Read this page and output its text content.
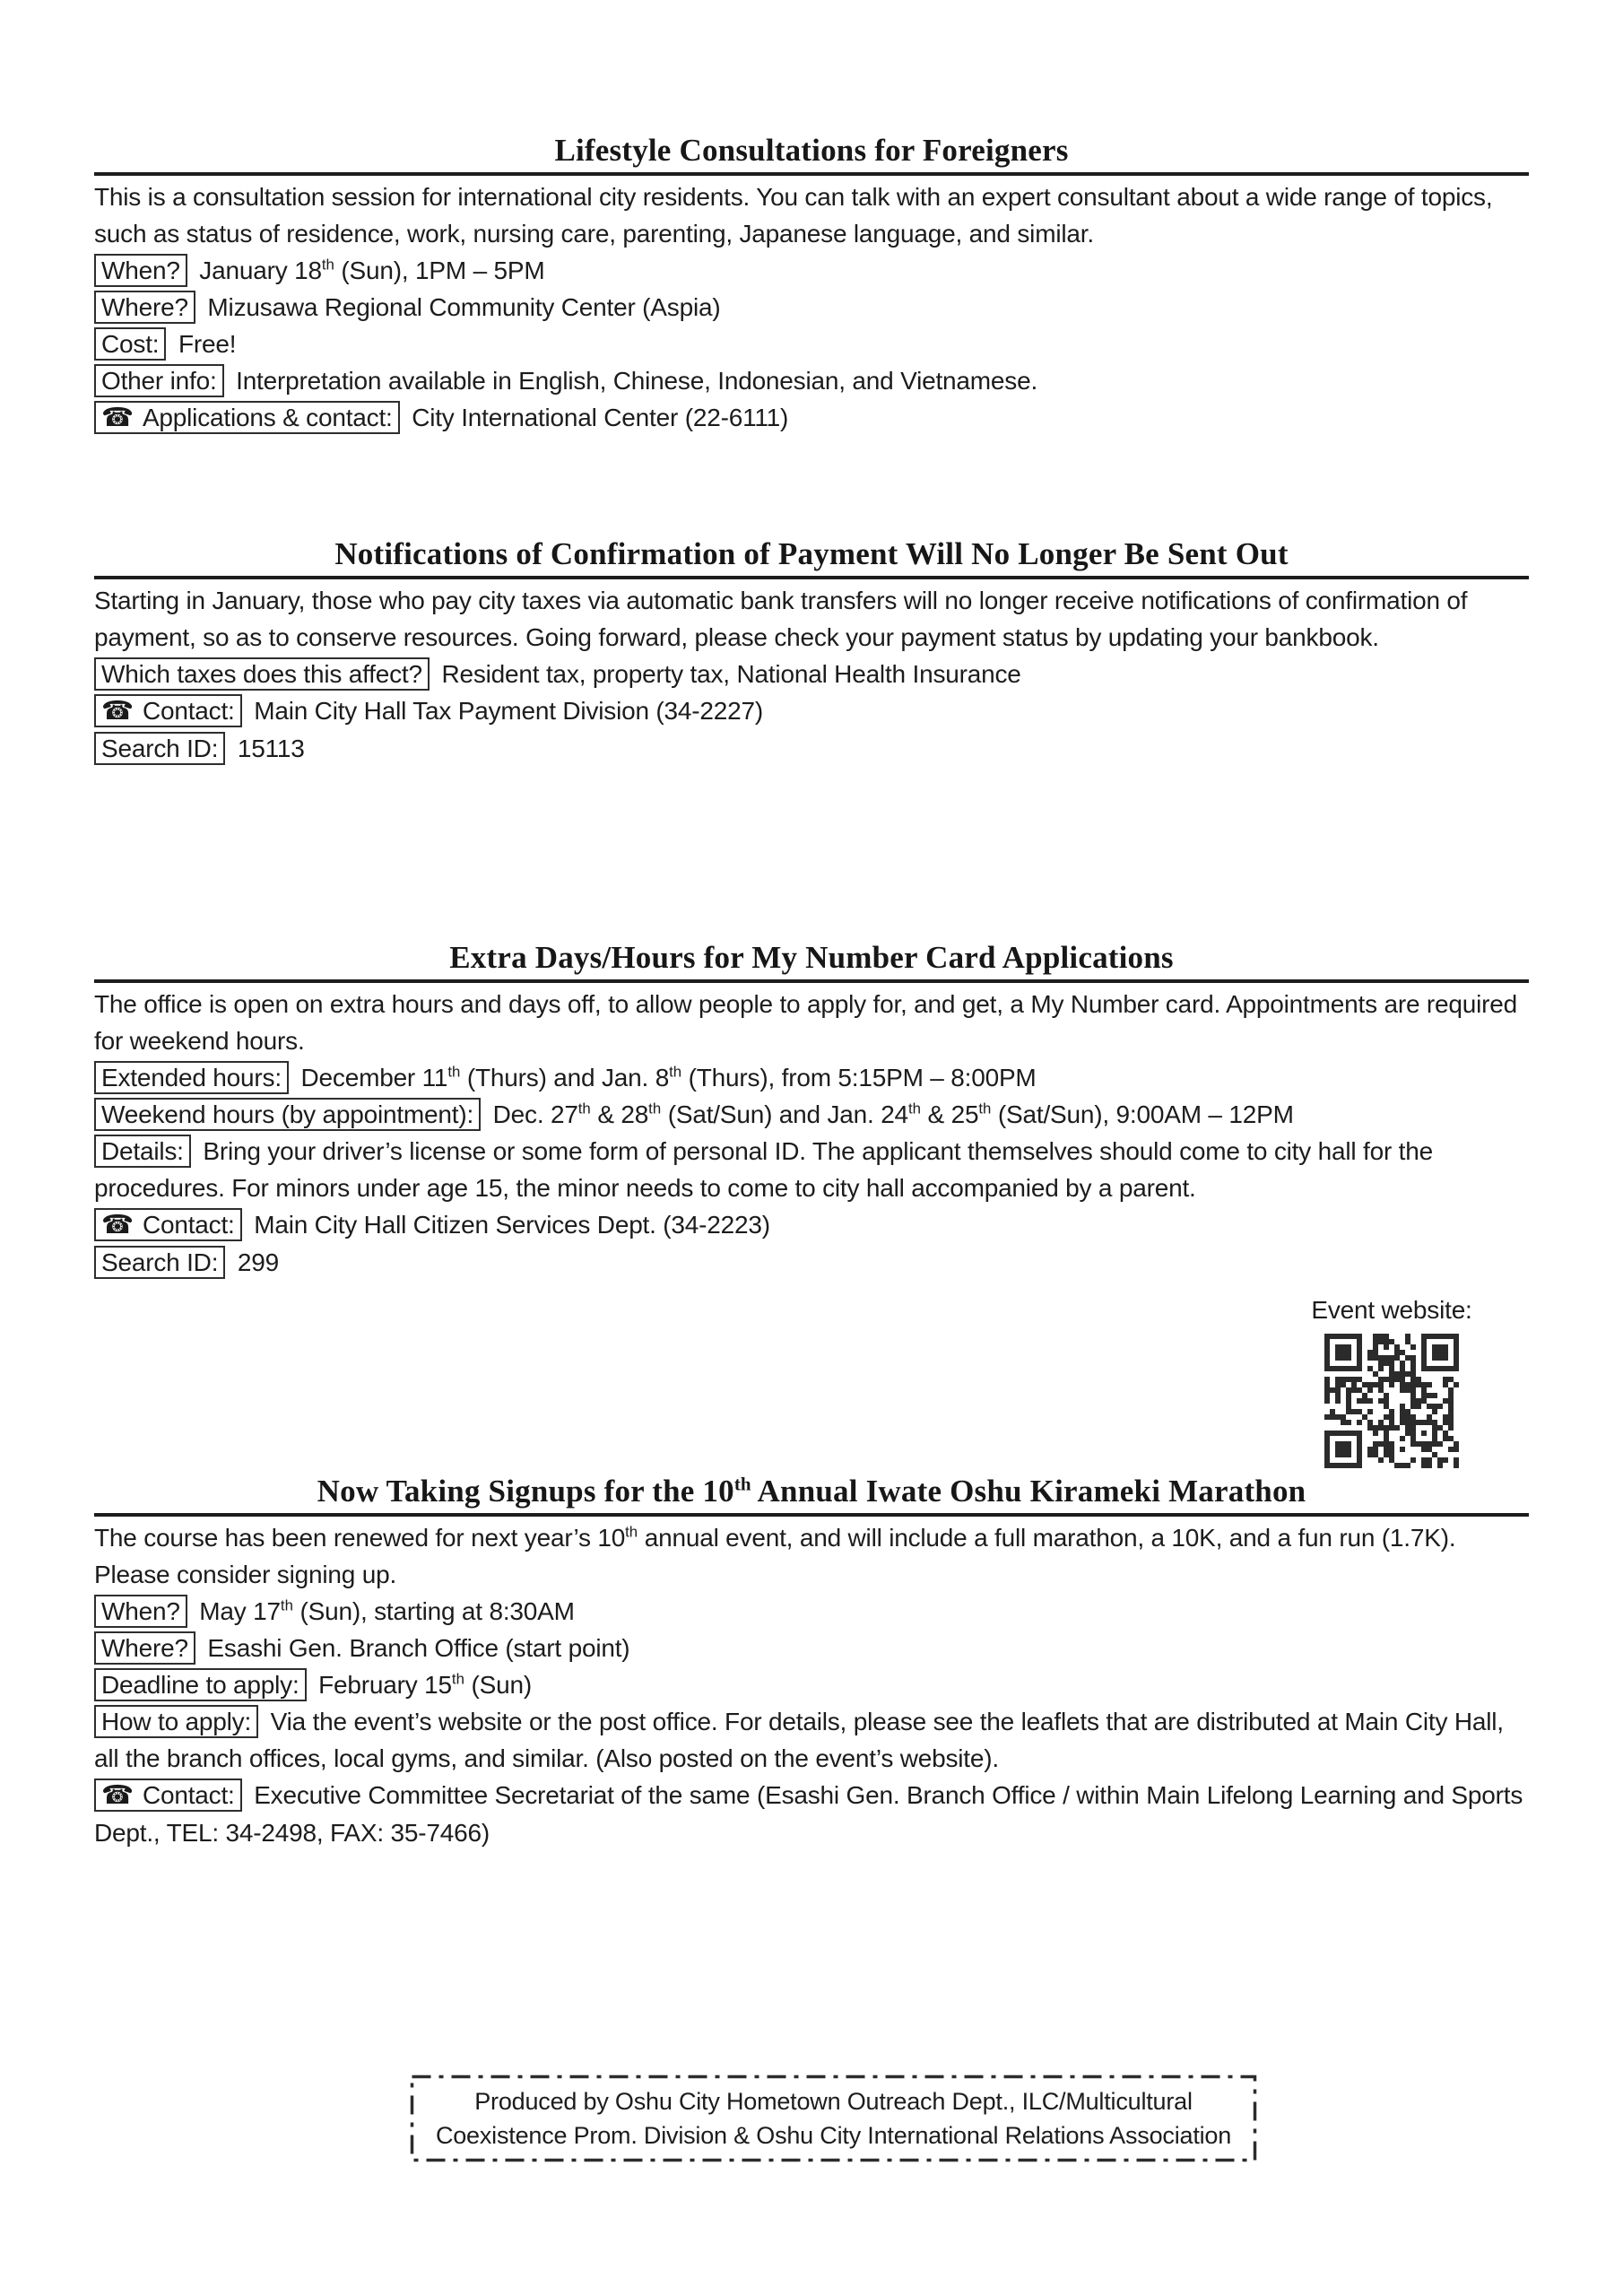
Lifestyle Consultations for Foreigners

This is a consultation session for international city residents. You can talk with an expert consultant about a wide range of topics, such as status of residence, work, nursing care, parenting, Japanese language, and similar.

When? January 18th (Sun), 1PM – 5PM

Where? Mizusawa Regional Community Center (Aspia)

Cost: Free!

Other info: Interpretation available in English, Chinese, Indonesian, and Vietnamese.

☎ Applications & contact: City International Center (22-6111)

Notifications of Confirmation of Payment Will No Longer Be Sent Out

Starting in January, those who pay city taxes via automatic bank transfers will no longer receive notifications of confirmation of payment, so as to conserve resources. Going forward, please check your payment status by updating your bankbook.

Which taxes does this affect? Resident tax, property tax, National Health Insurance

☎ Contact: Main City Hall Tax Payment Division (34-2227)

Search ID: 15113

Extra Days/Hours for My Number Card Applications

The office is open on extra hours and days off, to allow people to apply for, and get, a My Number card. Appointments are required for weekend hours.

Extended hours: December 11th (Thurs) and Jan. 8th (Thurs), from 5:15PM – 8:00PM

Weekend hours (by appointment): Dec. 27th & 28th (Sat/Sun) and Jan. 24th & 25th (Sat/Sun), 9:00AM – 12PM

Details: Bring your driver’s license or some form of personal ID. The applicant themselves should come to city hall for the procedures. For minors under age 15, the minor needs to come to city hall accompanied by a parent.

☎ Contact: Main City Hall Citizen Services Dept. (34-2223)

Search ID: 299

Event website:
Now Taking Signups for the 10th Annual Iwate Oshu Kirameki Marathon

The course has been renewed for next year’s 10th annual event, and will include a full marathon, a 10K, and a fun run (1.7K). Please consider signing up.

When? May 17th (Sun), starting at 8:30AM

Where? Esashi Gen. Branch Office (start point)

Deadline to apply: February 15th (Sun)

How to apply: Via the event’s website or the post office. For details, please see the leaflets that are distributed at Main City Hall, all the branch offices, local gyms, and similar. (Also posted on the event’s website).

☎ Contact: Executive Committee Secretariat of the same (Esashi Gen. Branch Office / within Main Lifelong Learning and Sports Dept., TEL: 34-2498, FAX: 35-7466)

Produced by Oshu City Hometown Outreach Dept., ILC/Multicultural

Coexistence Prom. Division & Oshu City International Relations Association
